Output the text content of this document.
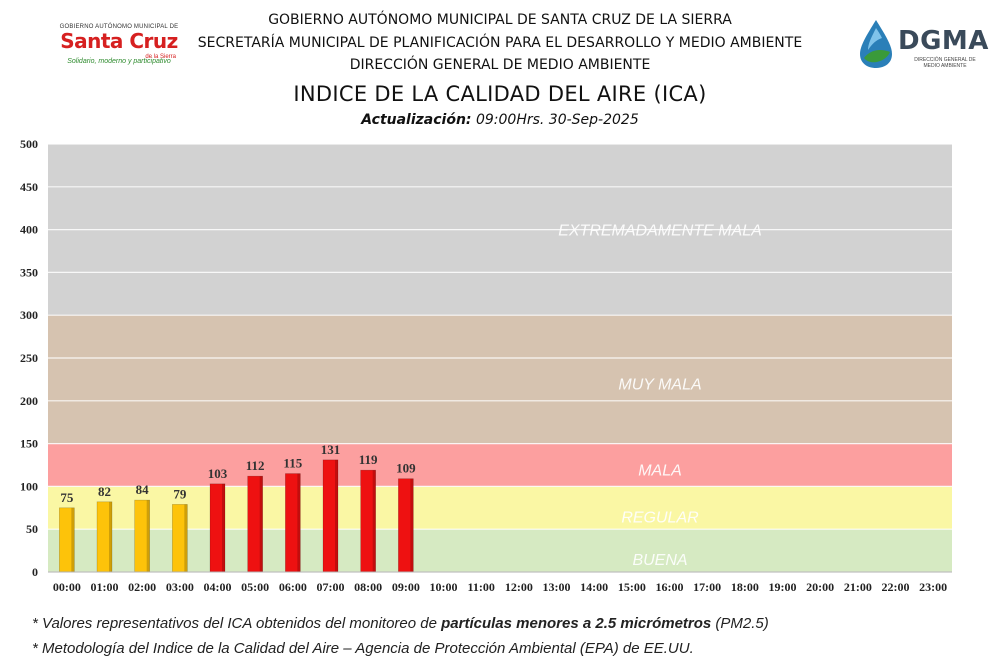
GOBIERNO AUTÓNOMO MUNICIPAL DE SANTA CRUZ DE LA SIERRA
SECRETARÍA MUNICIPAL DE PLANIFICACIÓN PARA EL DESARROLLO Y MEDIO AMBIENTE
DIRECCIÓN GENERAL DE MEDIO AMBIENTE
INDICE DE LA CALIDAD DEL AIRE (ICA)
Actualización: 09:00Hrs. 30-Sep-2025
GOBIERNO AUTÓNOMO MUNICIPAL DE
Santa Cruz
de la Sierra
Solidario, moderno y participativo
DGMA
DIRECCIÓN GENERAL DE MEDIO AMBIENTE
BUENA
REGULAR
MALA
MUY MALA
EXTREMADAMENTE MALA
0
50
100
150
200
250
300
350
400
450
500
00:00 01:00 02:00 03:00 04:00 05:00 06:00 07:00 08:00 09:00 10:00 11:00 12:00 13:00 14:00 15:00 16:00 17:00 18:00 19:00 20:00 21:00 22:00 23:00
75 82 84 79
103
112 115
131
119
109
* Valores representativos del ICA obtenidos del monitoreo de partículas menores a 2.5 micrómetros (PM2.5)
* Metodología del Indice de la Calidad del Aire – Agencia de Protección Ambiental (EPA) de EE.UU.
